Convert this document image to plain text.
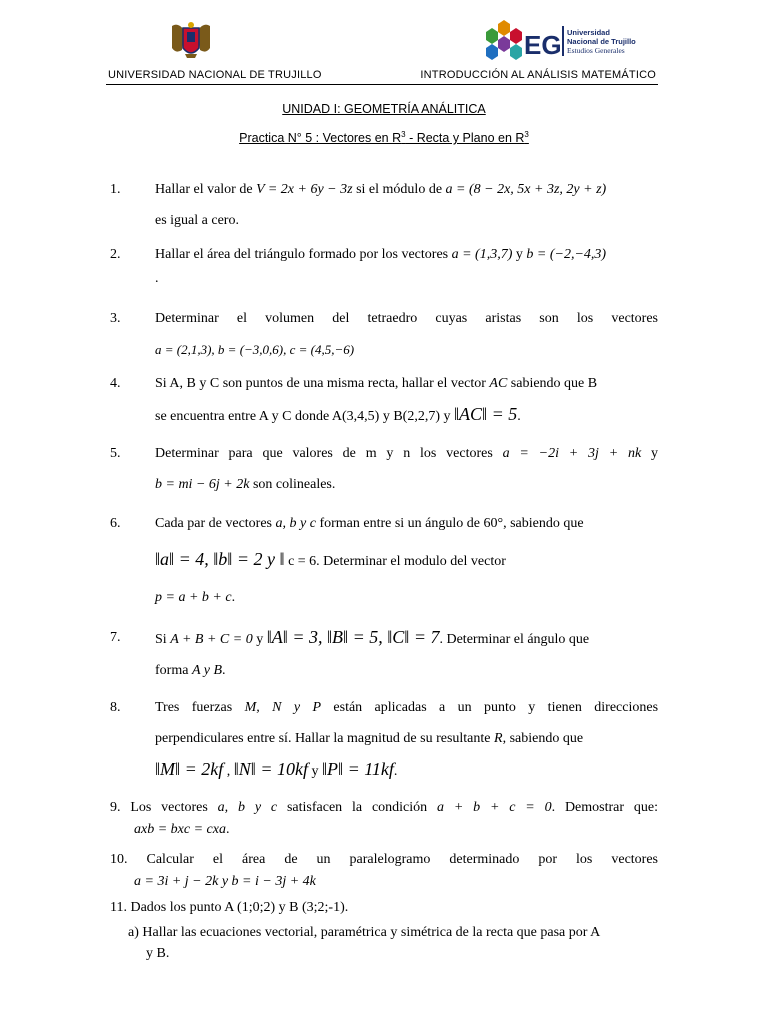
EG Universidad
Nacional de Trujillo
Estudios Generales
UNIVERSIDAD NACIONAL DE TRUJILLO	INTRODUCCIÓN AL ANÁLISIS MATEMÁTICO
UNIDAD I: GEOMETRÍA ANÁLITICA
Practica N° 5 : Vectores en $R^3$ - Recta y Plano en $R^3$
1. Hallar el valor de V = 2x + 6y − 3z si el módulo de a = (8 − 2x, 5x + 3z, 2y + z)
es igual a cero.
2. Hallar el área del triángulo formado por los vectores a = (1,3,7) y b = (−2,−4,3)
.
3. Determinar el volumen del tetraedro cuyas aristas son los vectores
a = (2,1,3), b = (−3,0,6), c = (4,5,−6)
4. Si A, B y C son puntos de una misma recta, hallar el vector AC sabiendo que B
se encuentra entre A y C donde A(3,4,5) y B(2,2,7) y ‖AC‖ = 5.
5. Determinar para que valores de m y n los vectores a = −2i + 3j + nk y
b = mi − 6j + 2k son colineales.
6. Cada par de vectores a, b y c forman entre si un ángulo de 60°, sabiendo que
‖a‖ = 4, ‖b‖ = 2 y ‖ c = 6. Determinar el modulo del vector
p = a + b + c.
7. Si A + B + C = 0 y ‖A‖ = 3, ‖B‖ = 5, ‖C‖ = 7. Determinar el ángulo que
forma A y B.
8. Tres fuerzas M, N y P están aplicadas a un punto y tienen direcciones
perpendiculares entre sí. Hallar la magnitud de su resultante R, sabiendo que
‖M‖ = 2kf , ‖N‖ = 10kf y ‖P‖ = 11kf.
9. Los vectores a, b y c satisfacen la condición a + b + c = 0. Demostrar que:
axb = bxc = cxa.
10. Calcular el área de un paralelogramo determinado por los vectores
a = 3i + j − 2k y b = i − 3j + 4k
11. Dados los punto A (1;0;2) y B (3;2;-1).
a) Hallar las ecuaciones vectorial, paramétrica y simétrica de la recta que pasa por A
y B.
